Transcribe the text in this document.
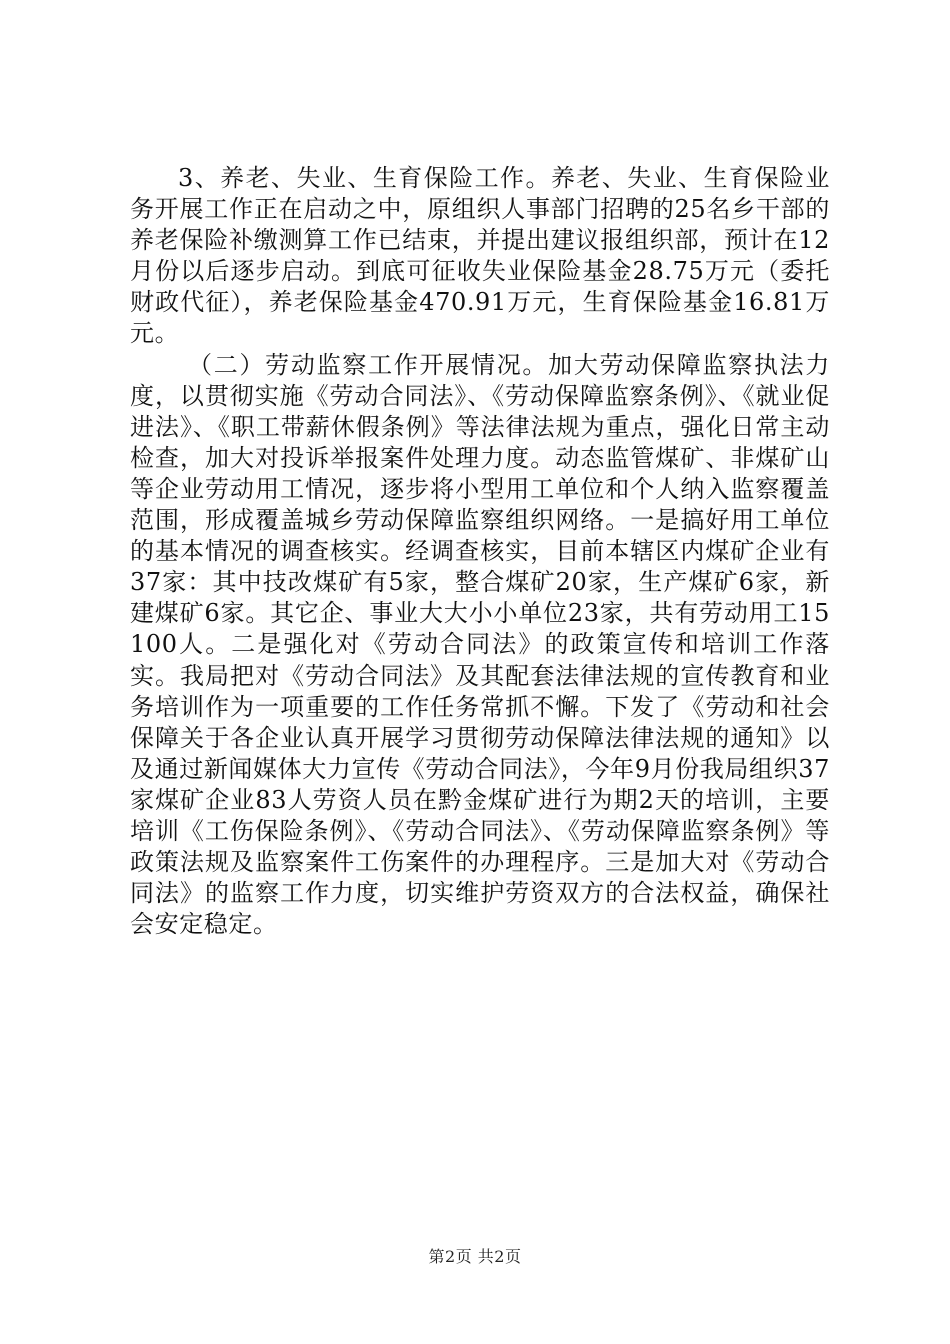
3、养老、失业、生育保险工作。养老、失业、生育保险业务开展工作正在启动之中，原组织人事部门招聘的25名乡干部的养老保险补缴测算工作已结束，并提出建议报组织部，预计在12月份以后逐步启动。到底可征收失业保险基金28.75万元（委托财政代征），养老保险基金470.91万元，生育保险基金16.81万元。

（二）劳动监察工作开展情况。加大劳动保障监察执法力度，以贯彻实施《劳动合同法》、《劳动保障监察条例》、《就业促进法》、《职工带薪休假条例》等法律法规为重点，强化日常主动检查，加大对投诉举报案件处理力度。动态监管煤矿、非煤矿山等企业劳动用工情况，逐步将小型用工单位和个人纳入监察覆盖范围，形成覆盖城乡劳动保障监察组织网络。一是搞好用工单位的基本情况的调查核实。经调查核实，目前本辖区内煤矿企业有37家：其中技改煤矿有5家，整合煤矿20家，生产煤矿6家，新建煤矿6家。其它企、事业大大小小单位23家，共有劳动用工15100人。二是强化对《劳动合同法》的政策宣传和培训工作落实。我局把对《劳动合同法》及其配套法律法规的宣传教育和业务培训作为一项重要的工作任务常抓不懈。下发了《劳动和社会保障关于各企业认真开展学习贯彻劳动保障法律法规的通知》以及通过新闻媒体大力宣传《劳动合同法》，今年9月份我局组织37家煤矿企业83人劳资人员在黔金煤矿进行为期2天的培训，主要培训《工伤保险条例》、《劳动合同法》、《劳动保障监察条例》等政策法规及监察案件工伤案件的办理程序。三是加大对《劳动合同法》的监察工作力度，切实维护劳资双方的合法权益，确保社会安定稳定。

第2页 共2页
